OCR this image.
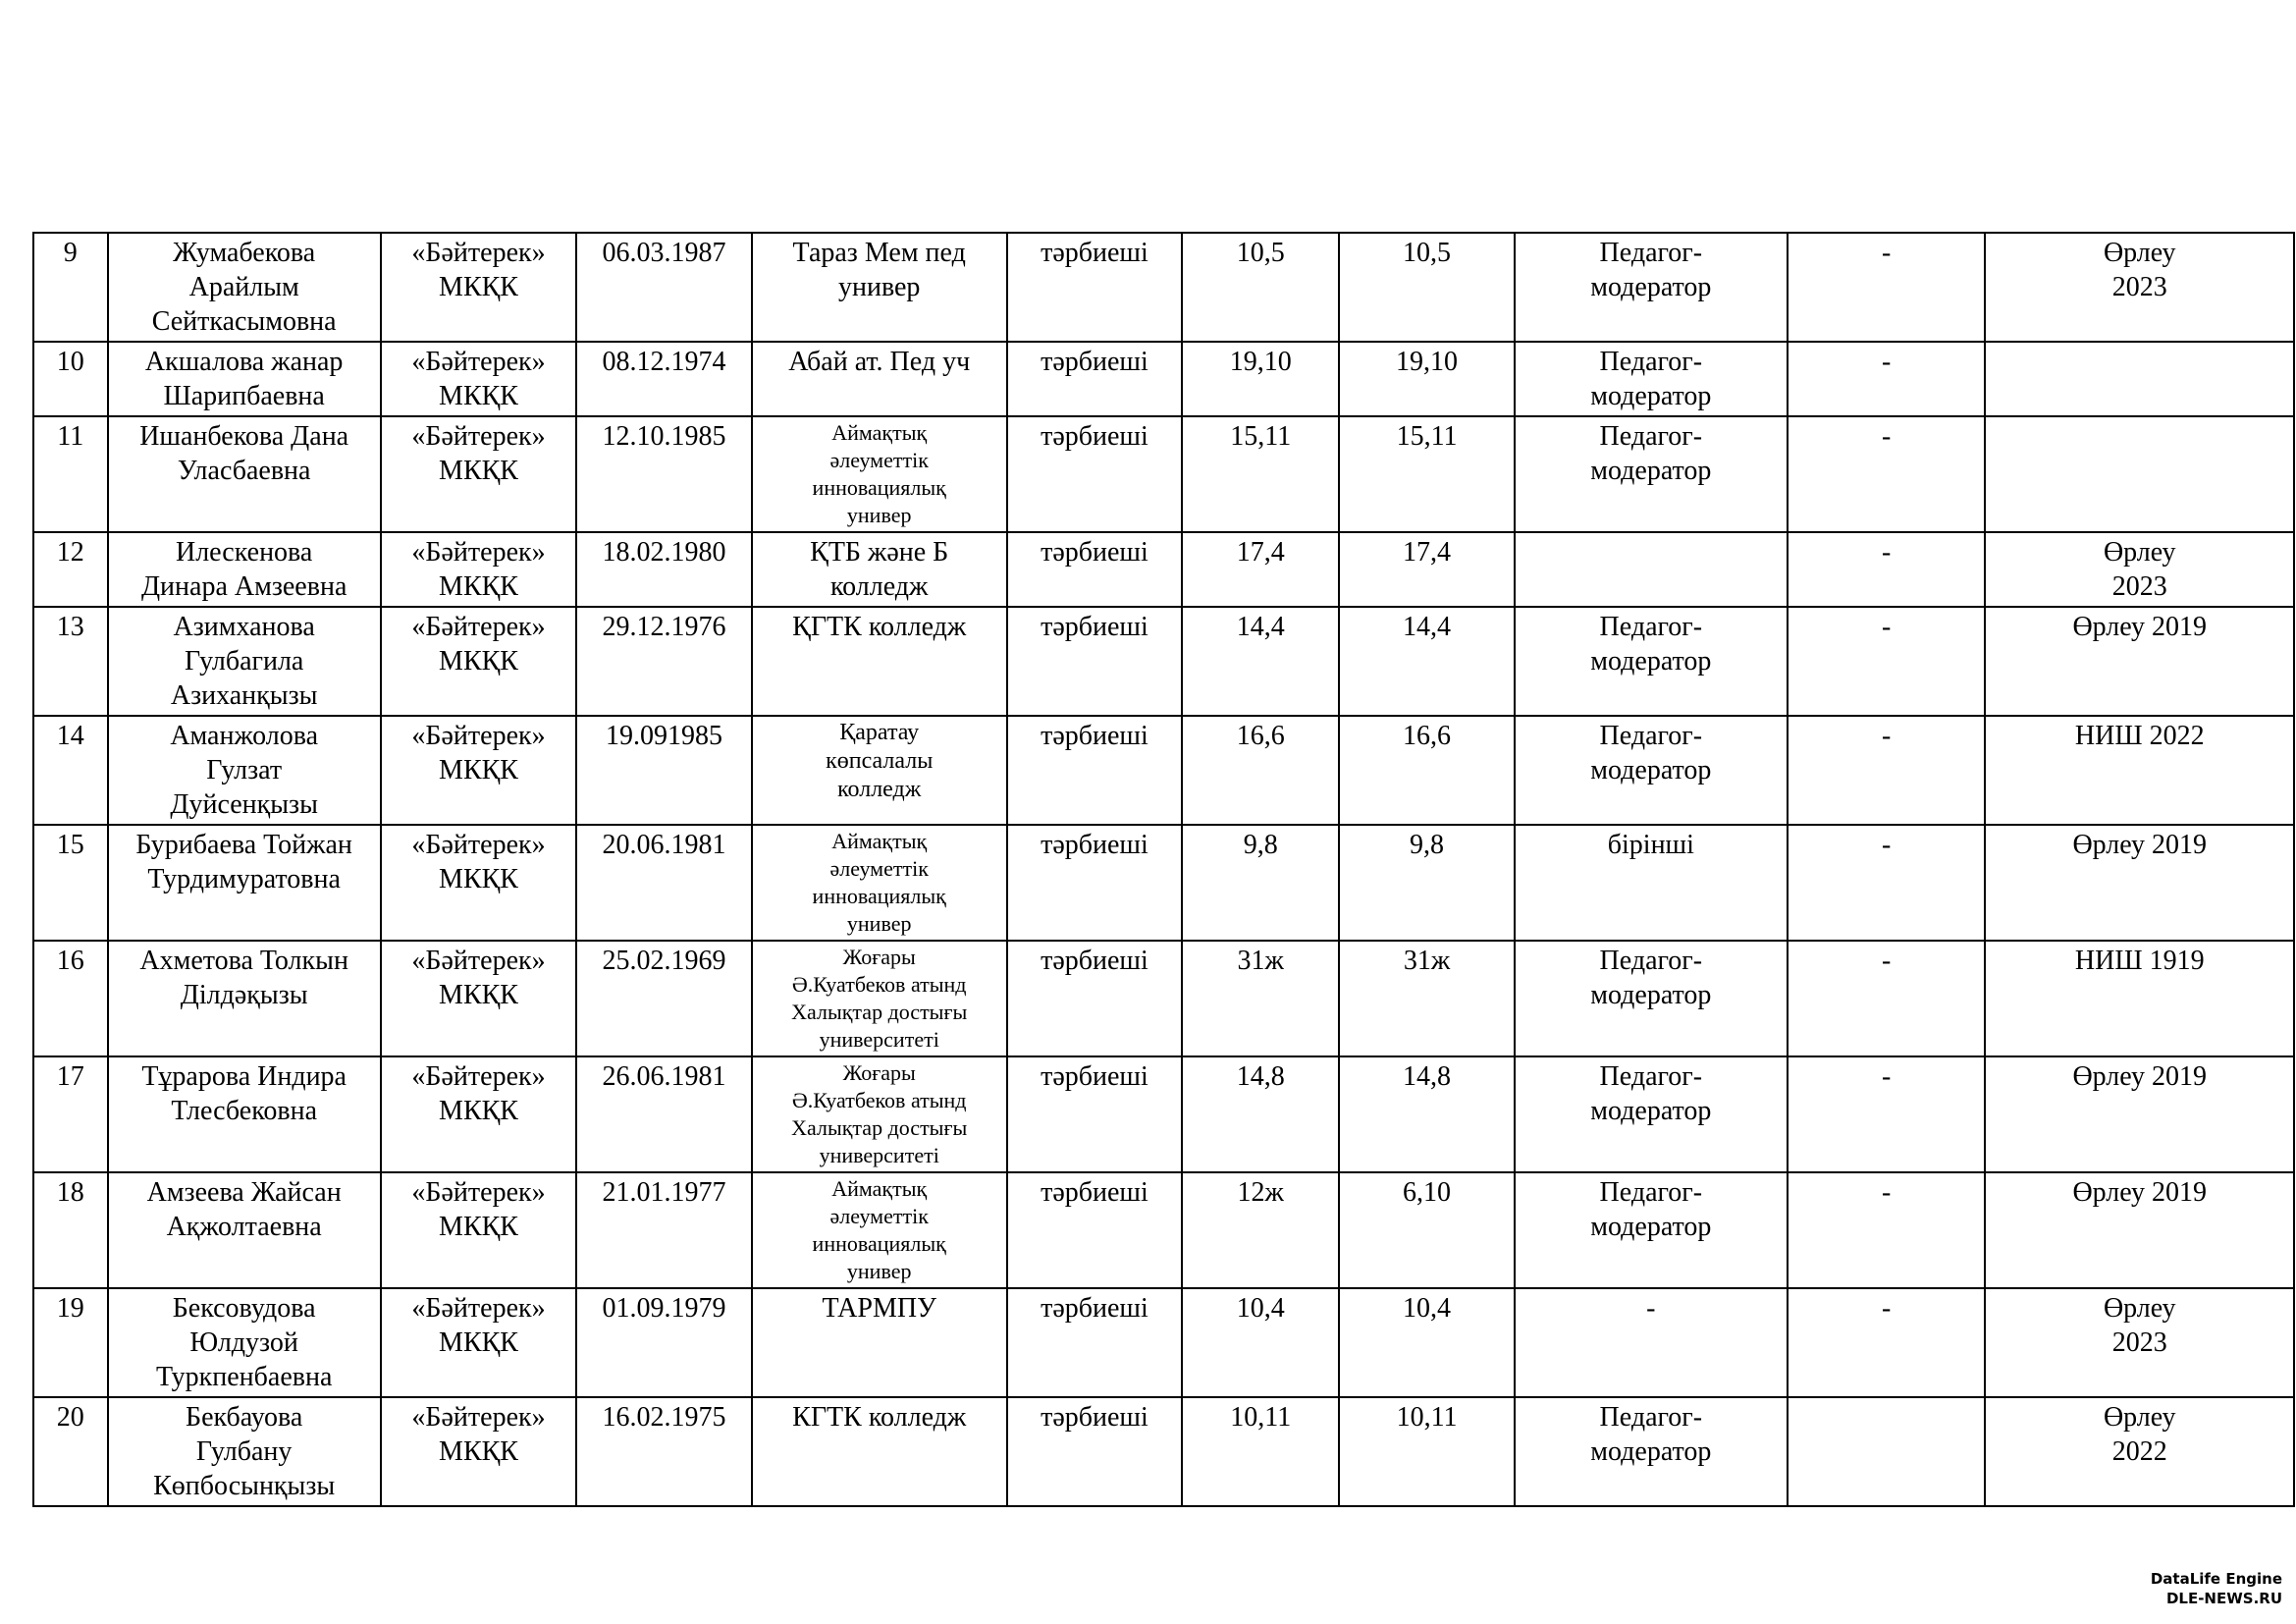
9	Жумабекова
Арайлым
Сейткасымовна	«Бәйтерек»
МКҚК	06.03.1987	Тараз Мем пед
универ	тәрбиеші	10,5	10,5	Педагог-
модератор	-	Өрлеу
2023
10	Акшалова жанар
Шарипбаевна	«Бәйтерек»
МКҚК	08.12.1974	Абай ат. Пед уч	тәрбиеші	19,10	19,10	Педагог-
модератор	-	
11	Ишанбекова Дана
Уласбаевна	«Бәйтерек»
МКҚК	12.10.1985	Аймақтық
әлеуметтік
инновациялық
универ	тәрбиеші	15,11	15,11	Педагог-
модератор	-	
12	Илескенова
Динара Амзеевна	«Бәйтерек»
МКҚК	18.02.1980	ҚТБ және Б
колледж	тәрбиеші	17,4	17,4		-	Өрлеу
2023
13	Азимханова
Гулбагила
Азиханқызы	«Бәйтерек»
МКҚК	29.12.1976	ҚГТК колледж	тәрбиеші	14,4	14,4	Педагог-
модератор	-	Өрлеу 2019
14	Аманжолова
Гулзат
Дуйсенқызы	«Бәйтерек»
МКҚК	19.091985	Қаратау
көпсалалы
колледж	тәрбиеші	16,6	16,6	Педагог-
модератор	-	НИШ 2022
15	Бурибаева Тойжан
Турдимуратовна	«Бәйтерек»
МКҚК	20.06.1981	Аймақтық
әлеуметтік
инновациялық
универ	тәрбиеші	9,8	9,8	бірінші	-	Өрлеу 2019
16	Ахметова Толкын
Ділдәқызы	«Бәйтерек»
МКҚК	25.02.1969	Жоғары
Ә.Куатбеков атынд
Халықтар достығы
университеті	тәрбиеші	31ж	31ж	Педагог-
модератор	-	НИШ 1919
17	Тұрарова Индира
Тлесбековна	«Бәйтерек»
МКҚК	26.06.1981	Жоғары
Ә.Куатбеков атынд
Халықтар достығы
университеті	тәрбиеші	14,8	14,8	Педагог-
модератор	-	Өрлеу 2019
18	Амзеева Жайсан
Ақжолтаевна	«Бәйтерек»
МКҚК	21.01.1977	Аймақтық
әлеуметтік
инновациялық
универ	тәрбиеші	12ж	6,10	Педагог-
модератор	-	Өрлеу 2019
19	Бексовудова
Юлдузой
Туркпенбаевна	«Бәйтерек»
МКҚК	01.09.1979	ТАРМПУ	тәрбиеші	10,4	10,4	-	-	Өрлеу
2023
20	Бекбауова
Гулбану
Көпбосынқызы	«Бәйтерек»
МКҚК	16.02.1975	КГТК колледж	тәрбиеші	10,11	10,11	Педагог-
модератор		Өрлеу
2022
DataLife Engine
DLE-NEWS.RU
